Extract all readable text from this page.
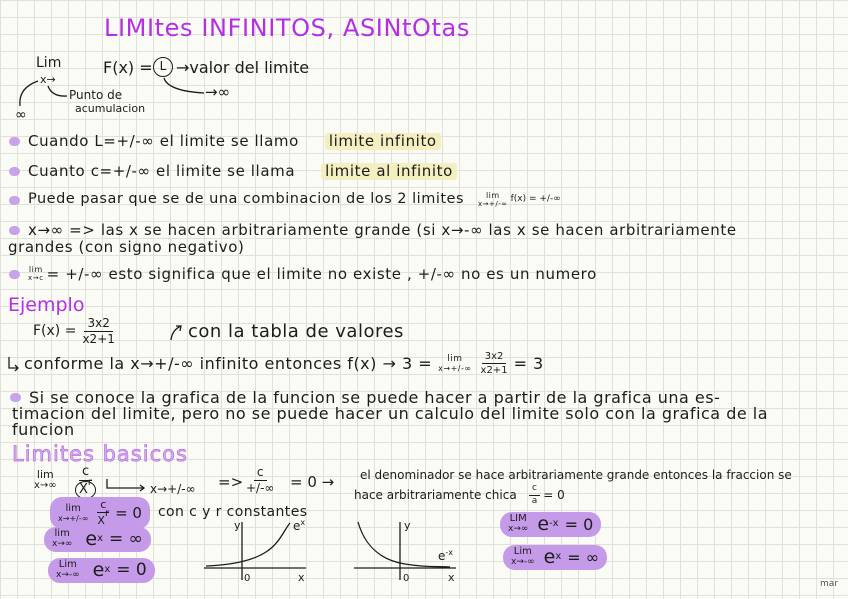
LIMItes INFINITOS, ASINtOtas
Lim
x→
F(x) = L →valor del limite
→∞
Punto de
acumulacion
∞
Cuando L=+/-∞ el limite se llamo limite infinito
Cuanto c=+/-∞ el limite se llama limite al infinito
Puede pasar que se de una combinacion de los 2 limites	lim
x→+/-∞ f(x) = +/-∞
x→∞ => las x se hacen arbitrariamente grande (si x→-∞ las x se hacen arbitrariamente
grandes (con signo negativo)
lim
x→c = +/-∞ esto significa que el limite no existe , +/-∞ no es un numero
Ejemplo
$F(x) = \frac{3x2}{x2+1}$	con la tabla de valores
conforme la x→+/-∞ infinito entonces f(x) → 3 = lim
$x\to+/-\infty \frac{3x2}{x2+1} = 3$
Si se conoce la grafica de la funcion se puede hacer a partir de la grafica una es-
timacion del limite, pero no se puede hacer un calculo del limite solo con la grafica de la
funcion
Limites basicos
lim
$x\to\infty \frac{c}{X^r}$	x→+/-∞ =>
c
+/-∞ = 0 → el denominador se hace arbitrariamente grande entonces la fraccion se
hace arbitrariamente chica $\frac{c}{a} = 0$
lim
$x\to+/-\infty \frac{c}{X^r} = 0$ con c y r constantes
lim
x→∞ e x = ∞
Lim
x→-∞ e x = 0
y	$e^x$
x
0
y
$e^{-x}$
x
0
LIM
x→∞ e -x = 0
Lim
x→-∞ e x = ∞
mar
